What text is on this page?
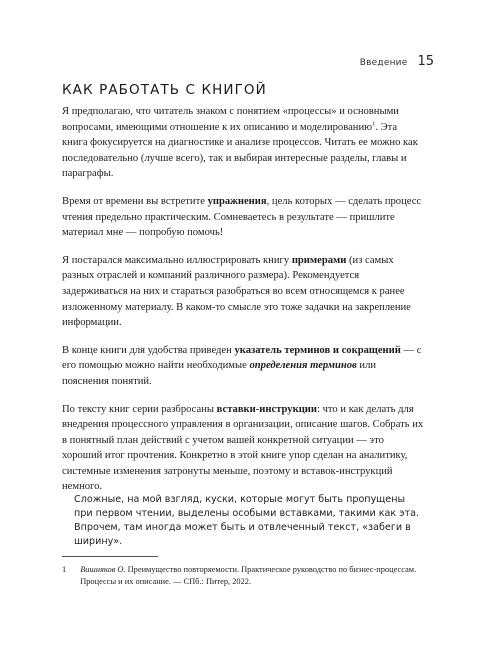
Введение 15
КАК РАБОТАТЬ С КНИГОЙ

Я предполагаю, что читатель знаком с понятием «процессы» и основными вопросами, имеющими отношение к их описанию и моделированию$^1$. Эта книга фокусируется на диагностике и анализе процессов. Читать ее можно как последовательно (лучше всего), так и выбирая интересные разделы, главы и параграфы.

Время от времени вы встретите упражнения, цель которых — сделать процесс чтения предельно практическим. Сомневаетесь в результате — пришлите материал мне — попробую помочь!

Я постарался максимально иллюстрировать книгу примерами (из самых разных отраслей и компаний различного размера). Рекомендуется задерживаться на них и стараться разобраться во всем относящемся к ранее изложенному материалу. В каком-то смысле это тоже задачки на закрепление информации.

В конце книги для удобства приведен указатель терминов и сокращений — с его помощью можно найти необходимые определения терминов или пояснения понятий.

По тексту книг серии разбросаны вставки-инструкции: что и как делать для внедрения процессного управления в организации, описание шагов. Собрать их в понятный план действий с учетом вашей конкретной ситуации — это хороший итог прочтения. Конкретно в этой книге упор сделан на аналитику, системные изменения затронуты меньше, поэтому и вставок-инструкций немного.

Сложные, на мой взгляд, куски, которые могут быть пропущены при первом чтении, выделены особыми вставками, такими как эта. Впрочем, там иногда может быть и отвлеченный текст, «забеги в ширину».

1 Вишняков О. Преимущество повторяемости. Практическое руководство по бизнес-процессам. Процессы и их описание. — СПб.: Питер, 2022.
